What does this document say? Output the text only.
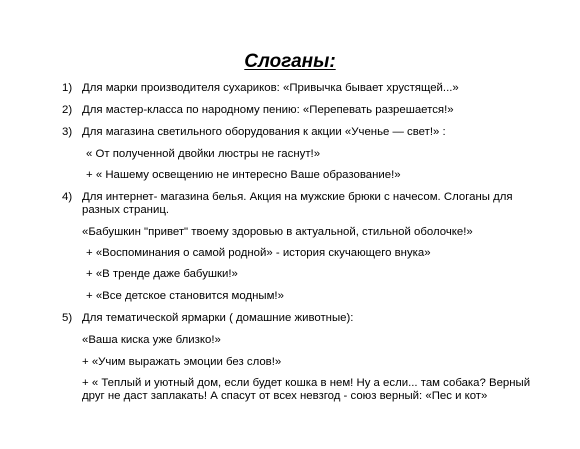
Слоганы:
1) Для марки производителя сухариков: «Привычка бывает хрустящей...»
2) Для мастер-класса по народному пению: «Перепевать разрешается!»
3) Для магазина светильного оборудования к акции «Ученье — свет!» :
« От полученной двойки люстры не гаснут!»
+ « Нашему освещению не интересно Ваше образование!»
4) Для интернет- магазина белья. Акция на мужские брюки с начесом. Слоганы для разных страниц.
«Бабушкин "привет" твоему здоровью в актуальной, стильной оболочке!»
+ «Воспоминания о самой родной» - история скучающего внука»
+ «В тренде даже бабушки!»
+ «Все детское становится модным!»
5) Для тематической ярмарки ( домашние животные):
«Ваша киска уже близко!»
+ «Учим выражать эмоции без слов!»
+ « Теплый и уютный дом, если будет кошка в нем! Ну а если... там собака? Верный друг не даст заплакать! А спасут от всех невзгод - союз верный: «Пес и кот»
